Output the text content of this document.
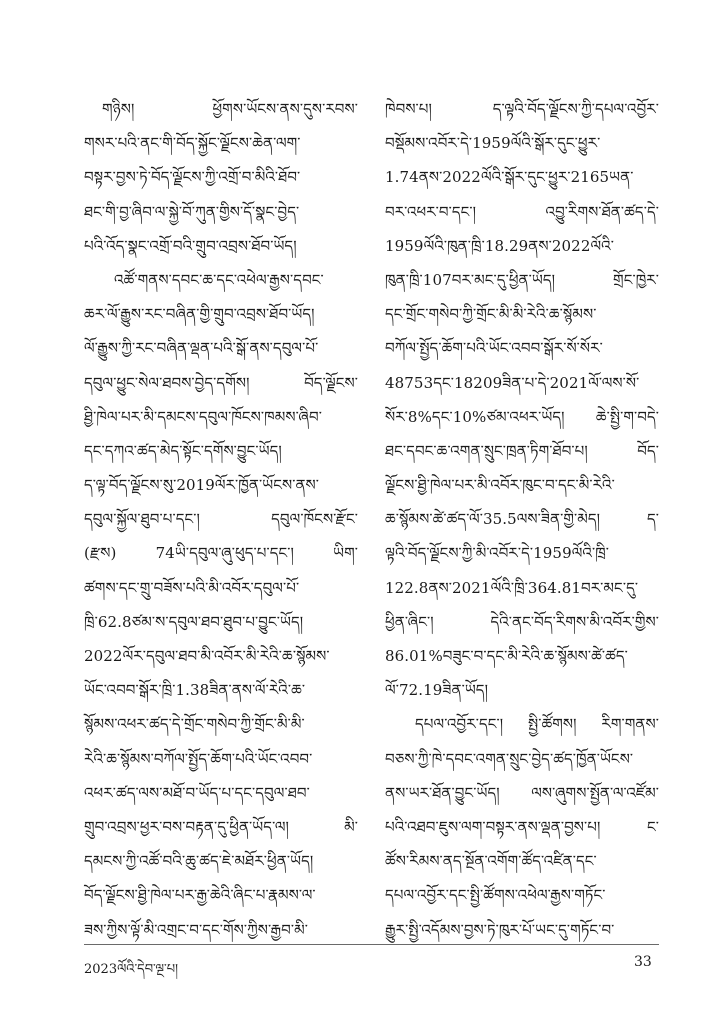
གཉིས། ཕྱོགས་ཡོངས་ནས་དུས་རབས་
གསར་པའི་ནང་གི་བོད་སྐྱོང་ལྗོངས་ཆེན་ལག་
བསྟར་བྱས་ཏེ་བོད་ལྗོངས་ཀྱི་འགྲོ་བ་མིའི་ཐོབ་
ཐང་གི་བྱ་ཞིབ་ལ་སྐྱེ་བོ་ཀུན་གྱིས་དོ་སྣང་བྱེད་
པའི་འོད་སྣང་འགྲོ་བའི་གྲུབ་འབྲས་ཐོབ་ཡོད།
འཚོ་གནས་དབང་ཆ་དང་འཕེལ་རྒྱས་དབང་
ཆར་ལོ་རྒྱུས་རང་བཞིན་གྱི་གྲུབ་འབྲས་ཐོབ་ཡོད།
ལོ་རྒྱུས་ཀྱི་རང་བཞིན་ལྡན་པའི་སྒོ་ནས་དབུལ་པོ་
དབུལ་ཕྱུང་སེལ་ཐབས་བྱེད་དགོས། བོད་ལྗོངས་
ཐྱི་ཁེལ་པར་མི་དམངས་དབུལ་ཁོངས་ཁམས་ཞིབ་
དང་དཀའ་ཚད་མེད་སྟོང་དགོས་བྱུང་ཡོད།
ད་ལྟ་བོད་ལྗོངས་སུ་2019ལོར་ཁྱོན་ཡོངས་ནས་
དབུལ་སྐྱོལ་ཐུབ་པ་དང་། དབུལ་ཁོངས་རྫོང་
(རྫས) 74ཡི་དབུལ་ཞུ་ཕུད་པ་དང་། ཡིག་
ཚགས་དང་གྲུ་བཟོས་པའི་མི་འབོར་དབུལ་པོ་
ཁྲི་62.8ཙམ་ས་དབུལ་ཐབ་ཐུབ་པ་བྱུང་ཡོད།
2022ལོར་དབུལ་ཐབ་མི་འབོར་མི་རེའི་ཆ་སྙོམས་
ཡོང་འབབ་སྒོར་ཁྲི་1.38ཟིན་ནས་ལོ་རེའི་ཆ་
སྙོམས་འཕར་ཚད་དེ་གྲོང་གསེབ་ཀྱི་གྲོང་མི་མི་
རེའི་ཆ་སྙོམས་བཀོལ་སྤྱོད་ཆོག་པའི་ཡོང་འབབ་
འཕར་ཚད་ལས་མཐོ་བ་ཡོད་པ་དང་དབུལ་ཐབ་
གྲུབ་འབྲས་ཕྱར་བས་བརྟན་དུ་ཕྱིན་ཡོད་ལ། མི་
དམངས་ཀྱི་འཚོ་བའི་ཆུ་ཚད་ཇེ་མཐོར་ཕྱིན་ཡོད།
བོད་ལྗོངས་ཐྱི་ཁེལ་པར་རྒྱ་ཆེའི་ཞིང་པ་རྣམས་ལ་
ཟས་ཀྱིས་ལྟོ་མི་འགྲང་བ་དང་གོས་ཀྱིས་རྒྱབ་མི་
ཁེབས་པ། ད་ལྟའི་བོད་ལྗོངས་ཀྱི་དཔལ་འབྱོར་
བསྡོམས་འབོར་དེ་1959ལོའི་སྒོར་དུང་ཕྱུར་
1.74ནས་2022ལོའི་སྒོར་དུང་ཕྱུར་2165ཡན་
བར་འཕར་བ་དང་། འབྱུ་རིགས་ཐོན་ཚད་དེ་
1959ལོའི་ཁུན་ཁྲི་18.29ནས་2022ལོའི་
ཁུན་ཁྲི་107བར་མང་དུ་ཕྱིན་ཡོད། གྲོང་ཁྱེར་
དང་གྲོང་གསེབ་ཀྱི་གྲོང་མི་མི་རེའི་ཆ་སྙོམས་
བཀོལ་སྤྱོད་ཆོག་པའི་ཡོང་འབབ་སྒོར་སོ་སོར་
48753དང་18209ཟིན་པ་དེ་2021ལོ་ལས་སོ་
སོར་8%དང་10%ཙམ་འཕར་ཡོད། ཆེ་སྤྱི་ག་བདེ་
ཐང་དབང་ཆ་འགན་སྲུང་ཁྲན་ཏིག་ཐོབ་པ། བོད་
ལྗོངས་ཐྱི་ཁེལ་པར་མི་འབོར་ཁུང་བ་དང་མི་རེའི་
ཆ་སྙོམས་ཚེ་ཚད་ལོ་35.5ལས་ཟིན་གྱི་མེད། ད་
ལྟའི་བོད་ལྗོངས་ཀྱི་མི་འབོར་དེ་1959ལོའི་ཁྲི་
122.8ནས་2021ལོའི་ཁྲི་364.81བར་མང་དུ་
ཕྱིན་ཞིང་། དེའི་ནང་བོད་རིགས་མི་འབོར་གྱིས་
86.01%བཟུང་བ་དང་མི་རེའི་ཆ་སྙོམས་ཚེ་ཚད་
ལོ་72.19ཟིན་ཡོད།
དཔལ་འབྱོར་དང་། སྤྱི་ཚོགས། རིག་གནས་
བཅས་ཀྱི་ཁེ་དབང་འགན་སྲུང་བྱེད་ཚད་ཁྱོན་ཡོངས་
ནས་ཡར་ཐོན་བྱུང་ཡོད། ལས་ཞུགས་སྤྱོན་ལ་འཛོམ་
པའི་འཐབ་ཇུས་ལག་བསྟར་ནས་ལྡན་བྱས་པ། ང་
ཚོས་རིམས་ནད་སྔོན་འགོག་ཚོད་འཛིན་དང་
དཔལ་འབྱོར་དང་སྤྱི་ཚོགས་འཕེལ་རྒྱས་གཏོང་
རྒྱུར་སྤྱི་འདོམས་བྱས་ཏེ་ཁུར་པོ་ཡང་དུ་གཏོང་བ་
2023ལོའི་དེབ་ལྔ་པ།	33
